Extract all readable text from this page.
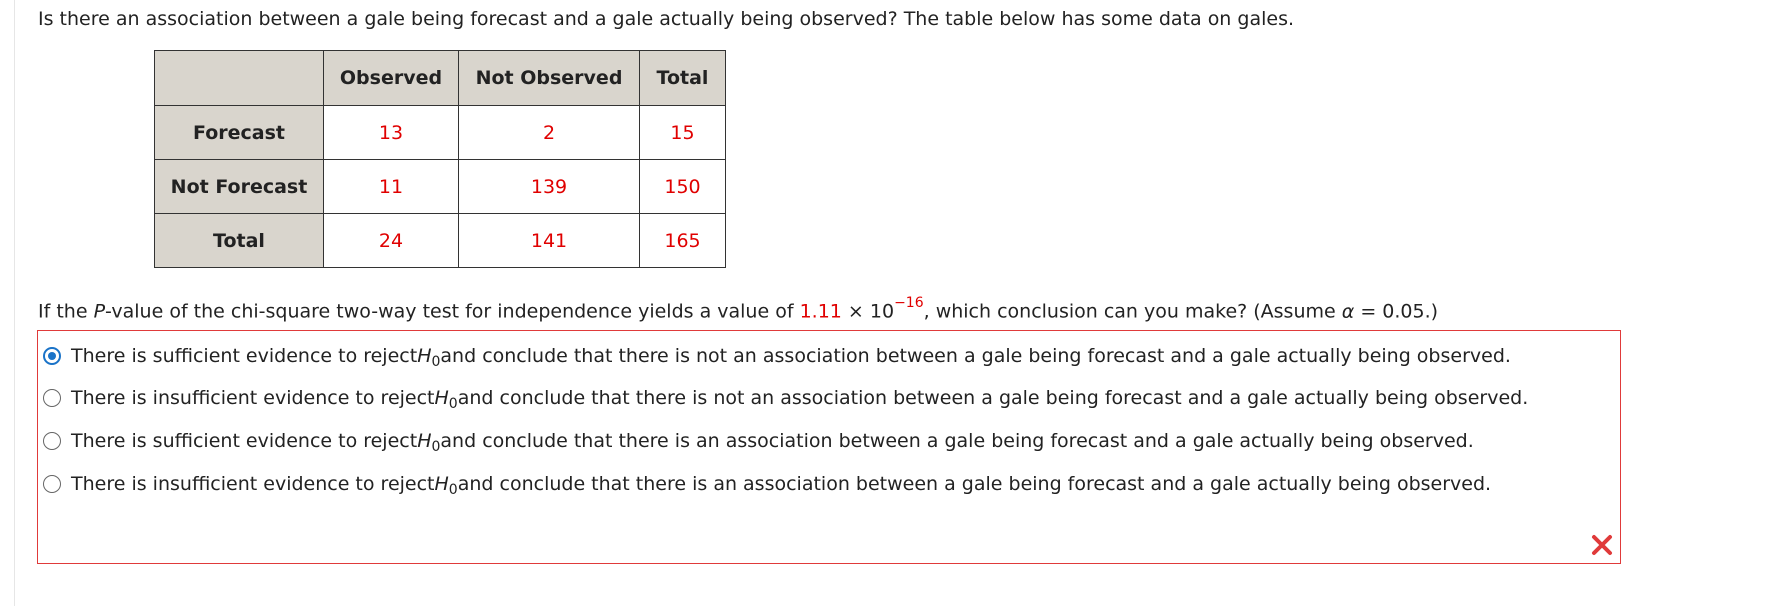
Is there an association between a gale being forecast and a gale actually being observed? The table below has some data on gales.
	Observed	Not Observed	Total
Forecast	13	2	15
Not Forecast	11	139	150
Total	24	141	165
If the P-value of the chi-square two-way test for independence yields a value of $1.11 \times 10^{-16}$, which conclusion can you make? (Assume α = 0.05.)
There is sufficient evidence to reject $H_0$ and conclude that there is not an association between a gale being forecast and a gale actually being observed.
There is insufficient evidence to reject $H_0$ and conclude that there is not an association between a gale being forecast and a gale actually being observed.
There is sufficient evidence to reject $H_0$ and conclude that there is an association between a gale being forecast and a gale actually being observed.
There is insufficient evidence to reject $H_0$ and conclude that there is an association between a gale being forecast and a gale actually being observed.
